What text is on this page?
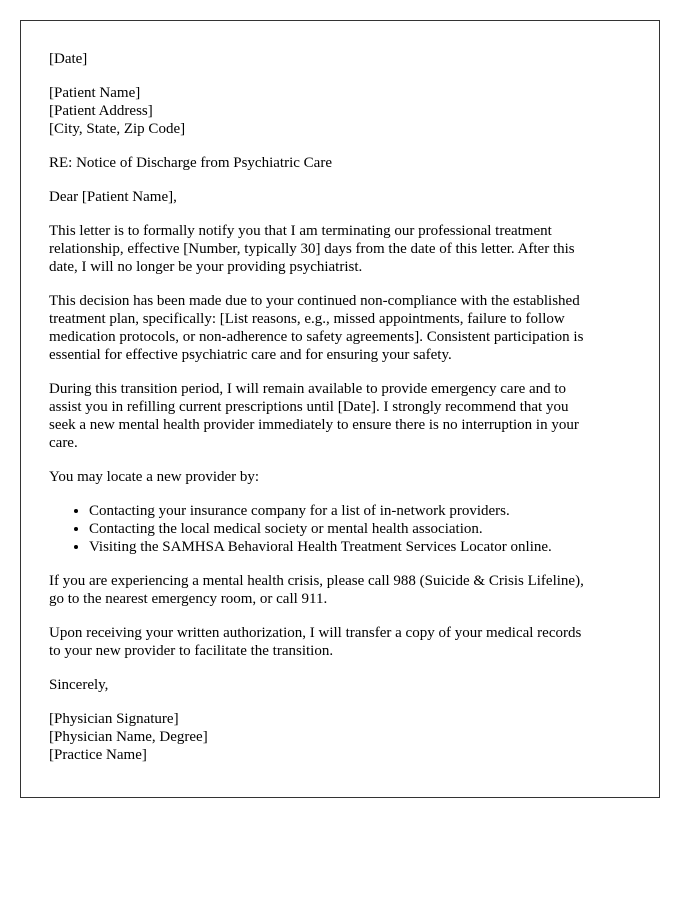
[Date]
[Patient Name]
[Patient Address]
[City, State, Zip Code]

RE: Notice of Discharge from Psychiatric Care

Dear [Patient Name],

This letter is to formally notify you that I am terminating our professional treatment
relationship, effective [Number, typically 30] days from the date of this letter. After this
date, I will no longer be your providing psychiatrist.

This decision has been made due to your continued non-compliance with the established
treatment plan, specifically: [List reasons, e.g., missed appointments, failure to follow
medication protocols, or non-adherence to safety agreements]. Consistent participation is
essential for effective psychiatric care and for ensuring your safety.

During this transition period, I will remain available to provide emergency care and to
assist you in refilling current prescriptions until [Date]. I strongly recommend that you
seek a new mental health provider immediately to ensure there is no interruption in your
care.

You may locate a new provider by:

• Contacting your insurance company for a list of in-network providers.
• Contacting the local medical society or mental health association.
• Visiting the SAMHSA Behavioral Health Treatment Services Locator online.

If you are experiencing a mental health crisis, please call 988 (Suicide & Crisis Lifeline),
go to the nearest emergency room, or call 911.

Upon receiving your written authorization, I will transfer a copy of your medical records
to your new provider to facilitate the transition.

Sincerely,

[Physician Signature]
[Physician Name, Degree]
[Practice Name]
